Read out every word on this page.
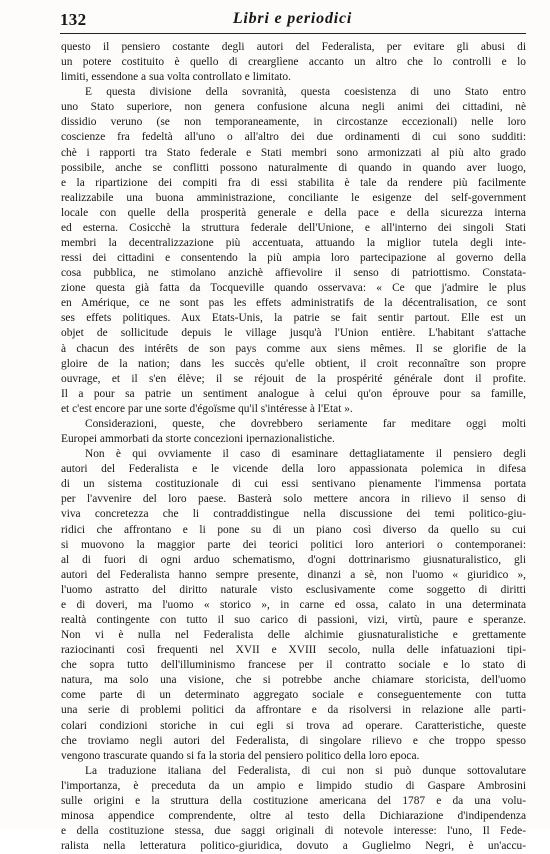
132	Libri e periodici
questo il pensiero costante degli autori del Federalista, per evitare gli abusi di
un potere costituito è quello di crearglìene accanto un altro che lo controlli e lo
limiti, essendone a sua volta controllato e limitato.
E questa divisione della sovranità, questa coesistenza di uno Stato entro
uno Stato superiore, non genera confusione alcuna negli animi dei cittadini, nè
dissidio veruno (se non temporaneamente, in circostanze eccezionali) nelle loro
coscienze fra fedeltà all'uno o all'altro dei due ordinamenti di cui sono sudditi:
chè i rapporti tra Stato federale e Stati membri sono armonizzati al più alto grado
possibile, anche se conflitti possono naturalmente di quando in quando aver luogo,
e la ripartizione dei compiti fra di essi stabilita è tale da rendere più facilmente
realizzabile una buona amministrazione, conciliante le esigenze del self-government
locale con quelle della prosperità generale e della pace e della sicurezza interna
ed esterna. Cosicchè la struttura federale dell'Unione, e all'interno dei singoli Stati
membri la decentralizzazione più accentuata, attuando la miglior tutela degli inte-
ressi dei cittadini e consentendo la più ampia loro partecipazione al governo della
cosa pubblica, ne stimolano anzichè affievolire il senso di patriottismo. Constata-
zione questa già fatta da Tocqueville quando osservava: « Ce que j'admire le plus
en Amérique, ce ne sont pas les effets administratifs de la décentralisation, ce sont
ses effets politiques. Aux Etats-Unis, la patrie se fait sentir partout. Elle est un
objet de sollicitude depuis le village jusqu'à l'Union entière. L'habitant s'attache
à chacun des intérêts de son pays comme aux siens mêmes. Il se glorifie de la
gloire de la nation; dans les succès qu'elle obtient, il croit reconnaître son propre
ouvrage, et il s'en élève; il se réjouit de la prospérité générale dont il profite.
Il a pour sa patrie un sentiment analogue à celui qu'on éprouve pour sa famille,
et c'est encore par une sorte d'égoïsme qu'il s'intéresse à l'Etat ».
Considerazioni, queste, che dovrebbero seriamente far meditare oggi molti
Europei ammorbati da storte concezioni ipernazionalistiche.
Non è qui ovviamente il caso di esaminare dettagliatamente il pensiero degli
autori del Federalista e le vicende della loro appassionata polemica in difesa
di un sistema costituzionale di cui essi sentivano pienamente l'immensa portata
per l'avvenire del loro paese. Basterà solo mettere ancora in rilievo il senso di
viva concretezza che li contraddistingue nella discussione dei temi politico-giu-
ridici che affrontano e li pone su di un piano così diverso da quello su cui
si muovono la maggior parte dei teorici politici loro anteriori o contemporanei:
al di fuori di ogni arduo schematismo, d'ogni dottrinarismo giusnaturalistico, gli
autori del Federalista hanno sempre presente, dinanzi a sè, non l'uomo « giuridico »,
l'uomo astratto del diritto naturale visto esclusivamente come soggetto di diritti
e di doveri, ma l'uomo « storico », in carne ed ossa, calato in una determinata
realtà contingente con tutto il suo carico di passioni, vizi, virtù, paure e speranze.
Non vi è nulla nel Federalista delle alchimie giusnaturalistiche e grettamente
raziocinanti così frequenti nel XVII e XVIII secolo, nulla delle infatuazioni tipi-
che sopra tutto dell'illuminismo francese per il contratto sociale e lo stato di
natura, ma solo una visione, che si potrebbe anche chiamare storicista, dell'uomo
come parte di un determinato aggregato sociale e conseguentemente con tutta
una serie di problemi politici da affrontare e da risolversi in relazione alle parti-
colari condizioni storiche in cui egli si trova ad operare. Caratteristiche, queste
che troviamo negli autori del Federalista, di singolare rilievo e che troppo spesso
vengono trascurate quando si fa la storia del pensiero politico della loro epoca.
La traduzione italiana del Federalista, di cui non si può dunque sottovalutare
l'importanza, è preceduta da un ampio e limpido studio di Gaspare Ambrosini
sulle origini e la struttura della costituzione americana del 1787 e da una volu-
minosa appendice comprendente, oltre al testo della Dichiarazione d'indipendenza
e della costituzione stessa, due saggi originali di notevole interesse: l'uno, Il Fede-
ralista nella letteratura politico-giuridica, dovuto a Guglielmo Negri, è un'accu-
